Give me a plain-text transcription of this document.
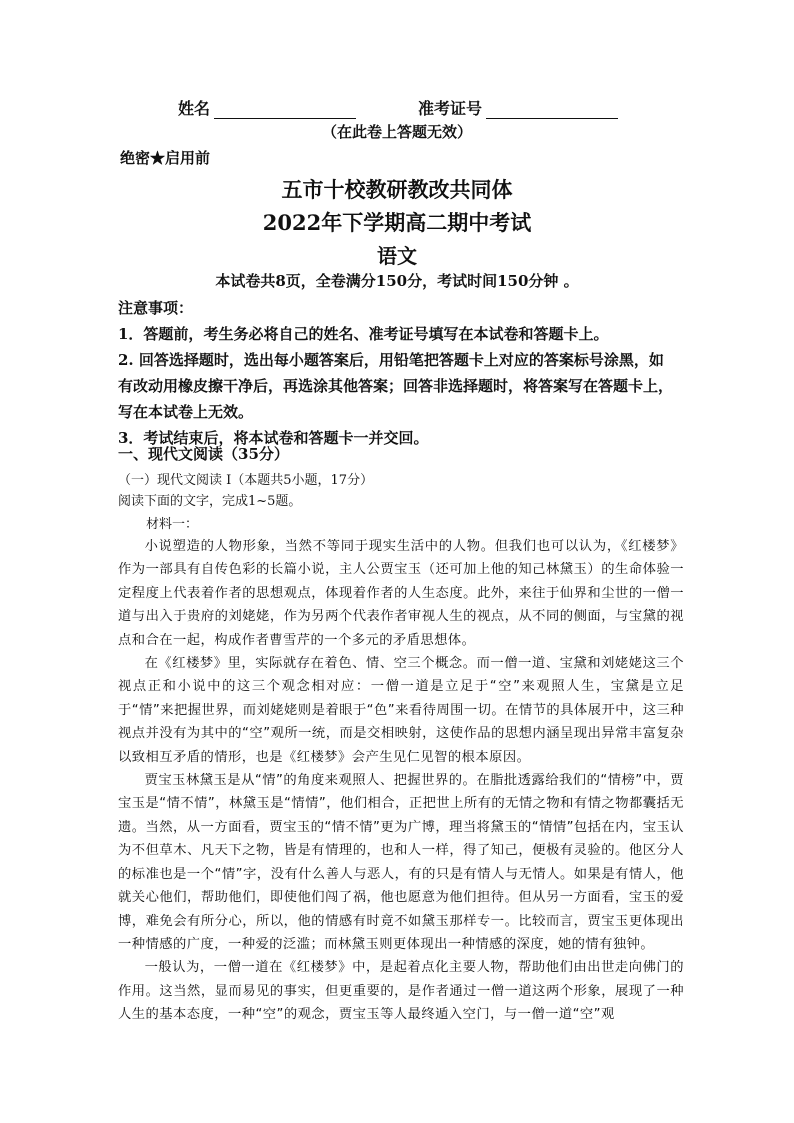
姓名	准考证号
（在此卷上答题无效）
绝密★启用前
五市十校教研教改共同体
2022年下学期高二期中考试
语文
本试卷共8页，全卷满分150分，考试时间150分钟 。

注意事项：

1．答题前，考生务必将自己的姓名、准考证号填写在本试卷和答题卡上。

2. 回答选择题时，选出每小题答案后，用铅笔把答题卡上对应的答案标号涂黑，如有改动用橡皮擦干净后，再选涂其他答案；回答非选择题时，将答案写在答题卡上，写在本试卷上无效。

3．考试结束后，将本试卷和答题卡一并交回。

一、现代文阅读（35分）
（一）现代文阅读 I（本题共5小题，17分）
阅读下面的文字，完成1~5题。
材料一：

小说塑造的人物形象，当然不等同于现实生活中的人物。但我们也可以认为，《红楼梦》作为一部具有自传色彩的长篇小说，主人公贾宝玉（还可加上他的知己林黛玉）的生命体验一定程度上代表着作者的思想观点，体现着作者的人生态度。此外，来往于仙界和尘世的一僧一道与出入于贵府的刘姥姥，作为另两个代表作者审视人生的视点，从不同的侧面，与宝黛的视点和合在一起，构成作者曹雪芹的一个多元的矛盾思想体。

在《红楼梦》里，实际就存在着色、情、空三个概念。而一僧一道、宝黛和刘姥姥这三个视点正和小说中的这三个观念相对应：一僧一道是立足于“空”来观照人生，宝黛是立足于“情”来把握世界，而刘姥姥则是着眼于“色”来看待周围一切。在情节的具体展开中，这三种视点并没有为其中的“空”观所一统，而是交相映射，这使作品的思想内涵呈现出异常丰富复杂以致相互矛盾的情形，也是《红楼梦》会产生见仁见智的根本原因。

贾宝玉林黛玉是从“情”的角度来观照人、把握世界的。在脂批透露给我们的“情榜”中，贾宝玉是“情不情”，林黛玉是“情情”，他们相合，正把世上所有的无情之物和有情之物都囊括无遗。当然，从一方面看，贾宝玉的“情不情”更为广博，理当将黛玉的“情情”包括在内，宝玉认为不但草木、凡天下之物，皆是有情理的，也和人一样，得了知己，便极有灵验的。他区分人的标准也是一个“情”字，没有什么善人与恶人，有的只是有情人与无情人。如果是有情人，他就关心他们，帮助他们，即使他们闯了祸，他也愿意为他们担待。但从另一方面看，宝玉的爱博，难免会有所分心，所以，他的情感有时竟不如黛玉那样专一。比较而言，贾宝玉更体现出一种情感的广度，一种爱的泛滥；而林黛玉则更体现出一种情感的深度，她的情有独钟。

一般认为，一僧一道在《红楼梦》中，是起着点化主要人物，帮助他们由出世走向佛门的作用。这当然，显而易见的事实，但更重要的，是作者通过一僧一道这两个形象，展现了一种人生的基本态度，一种“空”的观念，贾宝玉等人最终遁入空门，与一僧一道“空”观
